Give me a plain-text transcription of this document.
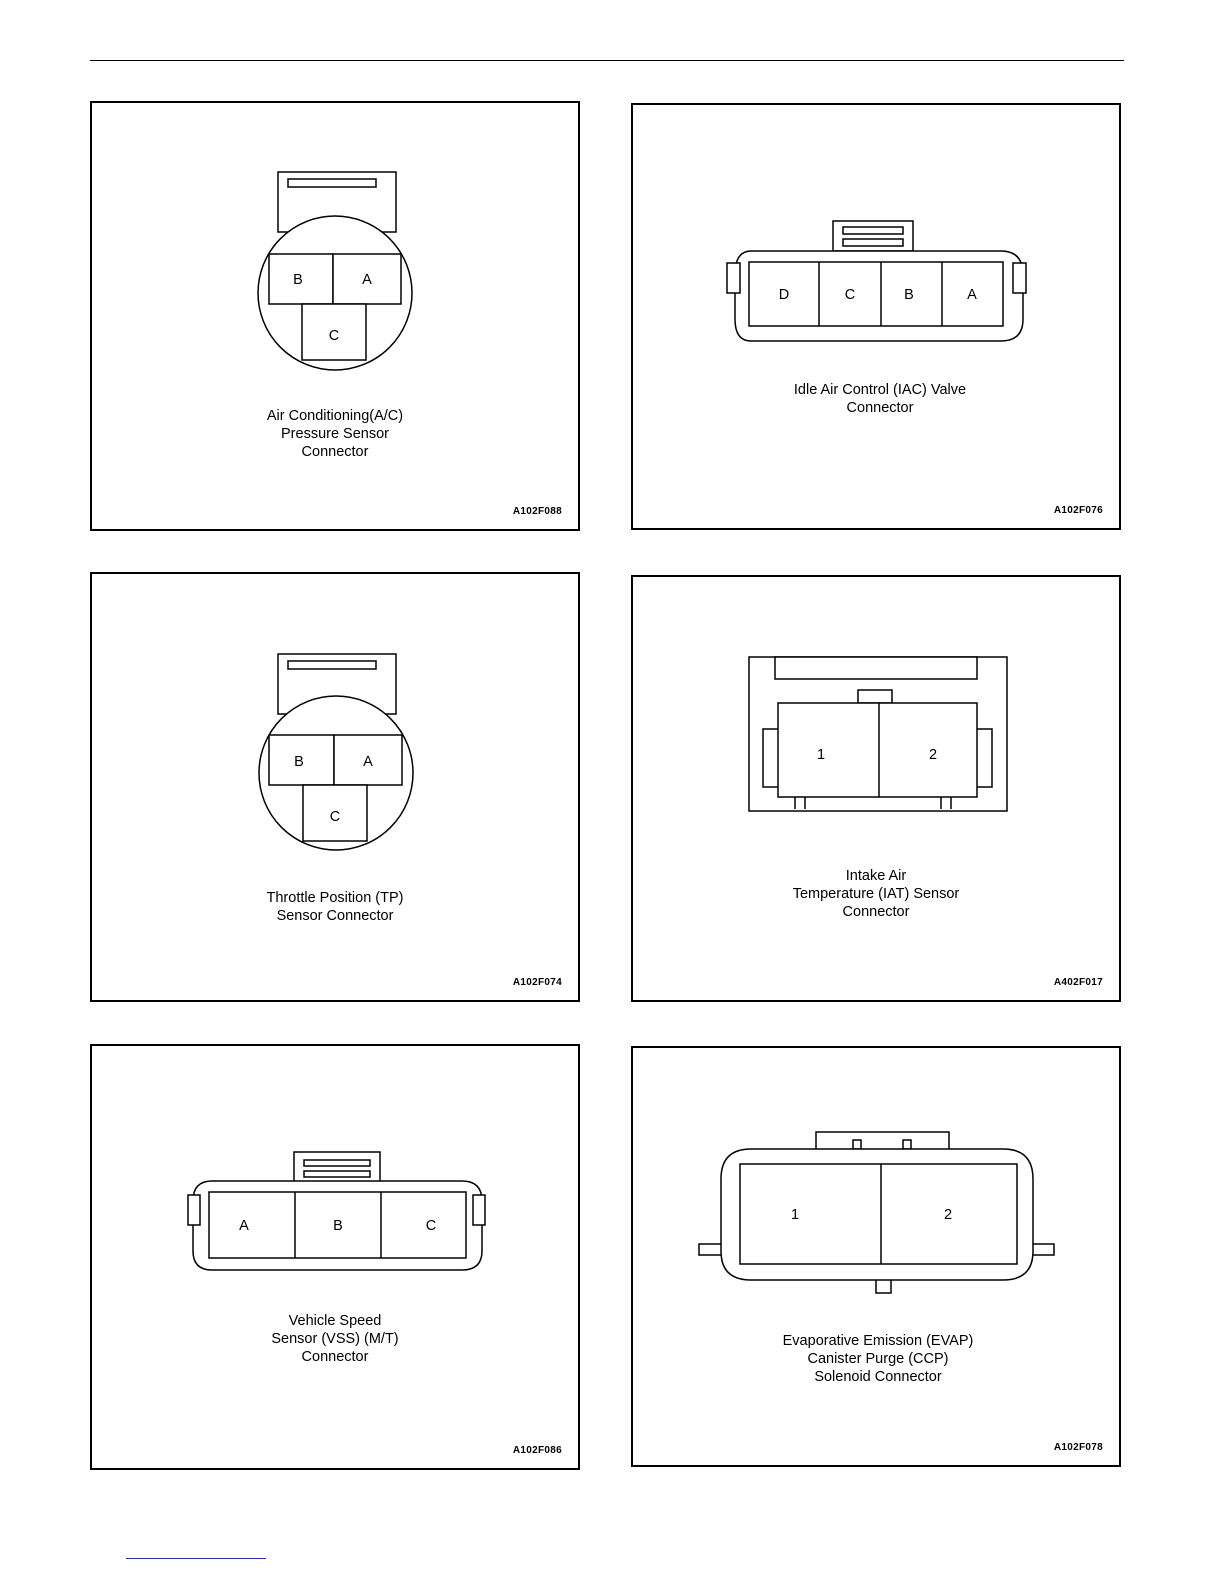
B	A
C
Air Conditioning(A/C)
Pressure Sensor
Connector
A102F088
D	C	B	A
Idle Air Control (IAC) Valve
Connector
A102F076
B	A
C
Throttle Position (TP)
Sensor Connector
A102F074
1	2
Intake Air
Temperature (IAT) Sensor
Connector
A402F017
A	B	C
Vehicle Speed
Sensor (VSS) (M/T)
Connector
A102F086
1	2
Evaporative Emission (EVAP)
Canister Purge (CCP)
Solenoid Connector
A102F078
